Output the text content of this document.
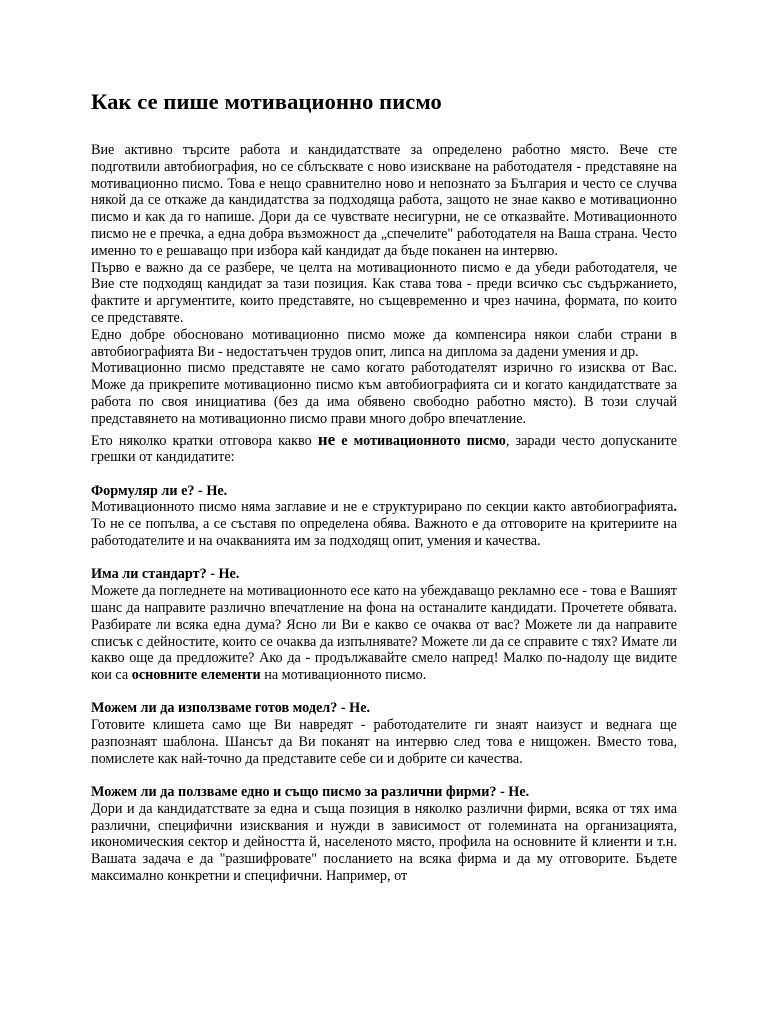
Как се пише мотивационно писмо

Вие активно търсите работа и кандидатствате за определено работно място. Вече сте подготвили автобиография, но се сблъсквате с ново изискване на работодателя - представяне на мотивационно писмо. Това е нещо сравнително ново и непознато за България и често се случва някой да се откаже да кандидатства за подходяща работа, защото не знае какво е мотивационно писмо и как да го напише. Дори да се чувствате несигурни, не се отказвайте. Мотивационното писмо не е пречка, а една добра възможност да „спечелите" работодателя на Ваша страна. Често именно то е решаващо при избора кай кандидат да бъде поканен на интервю.

Първо е важно да се разбере, че целта на мотивационното писмо е да убеди работодателя, че Вие сте подходящ кандидат за тази позиция. Как става това - преди всичко със съдържанието, фактите и аргументите, които представяте, но същевременно и чрез начина, формата, по които се представяте.

Едно добре обосновано мотивационно писмо може да компенсира някои слаби страни в автобиографията Ви - недостатъчен трудов опит, липса на диплома за дадени умения и др.

Мотивационно писмо представяте не само когато работодателят изрично го изисква от Вас. Може да прикрепите мотивационно писмо към автобиографията си и когато кандидатствате за работа по своя инициатива (без да има обявено свободно работно място). В този случай представянето на мотивационно писмо прави много добро впечатление.

Ето няколко кратки отговора какво не е мотивационното писмо, заради често допусканите грешки от кандидатите:

Формуляр ли е? - Не.

Мотивационното писмо няма заглавие и не е структурирано по секции както автобиографията. То не се попълва, а се съставя по определена обява. Важното е да отговорите на критериите на работодателите и на очакванията им за подходящ опит, умения и качества.

Има ли стандарт? - Не.

Можете да погледнете на мотивационното есе като на убеждаващо рекламно есе - това е Вашият шанс да направите различно впечатление на фона на останалите кандидати. Прочетете обявата. Разбирате ли всяка една дума? Ясно ли Ви е какво се очаква от вас? Можете ли да направите списък с дейностите, които се очаква да изпълнявате? Можете ли да се справите с тях? Имате ли какво още да предложите? Ако да - продължавайте смело напред! Малко по-надолу ще видите кои са основните елементи на мотивационното писмо.

Можем ли да използваме готов модел? - Не.

Готовите клишета само ще Ви навредят - работодателите ги знаят наизуст и веднага ще разпознаят шаблона. Шансът да Ви поканят на интервю след това е нищожен. Вместо това, помислете как най-точно да представите себе си и добрите си качества.

Можем ли да ползваме едно и също писмо за различни фирми? - Не.

Дори и да кандидатствате за една и съща позиция в няколко различни фирми, всяка от тях има различни, специфични изисквания и нужди в зависимост от големината на организацията, икономическия сектор и дейността й, населеното място, профила на основните й клиенти и т.н. Вашата задача е да "разшифровате" посланието на всяка фирма и да му отговорите. Бъдете максимално конкретни и специфични. Например, от
